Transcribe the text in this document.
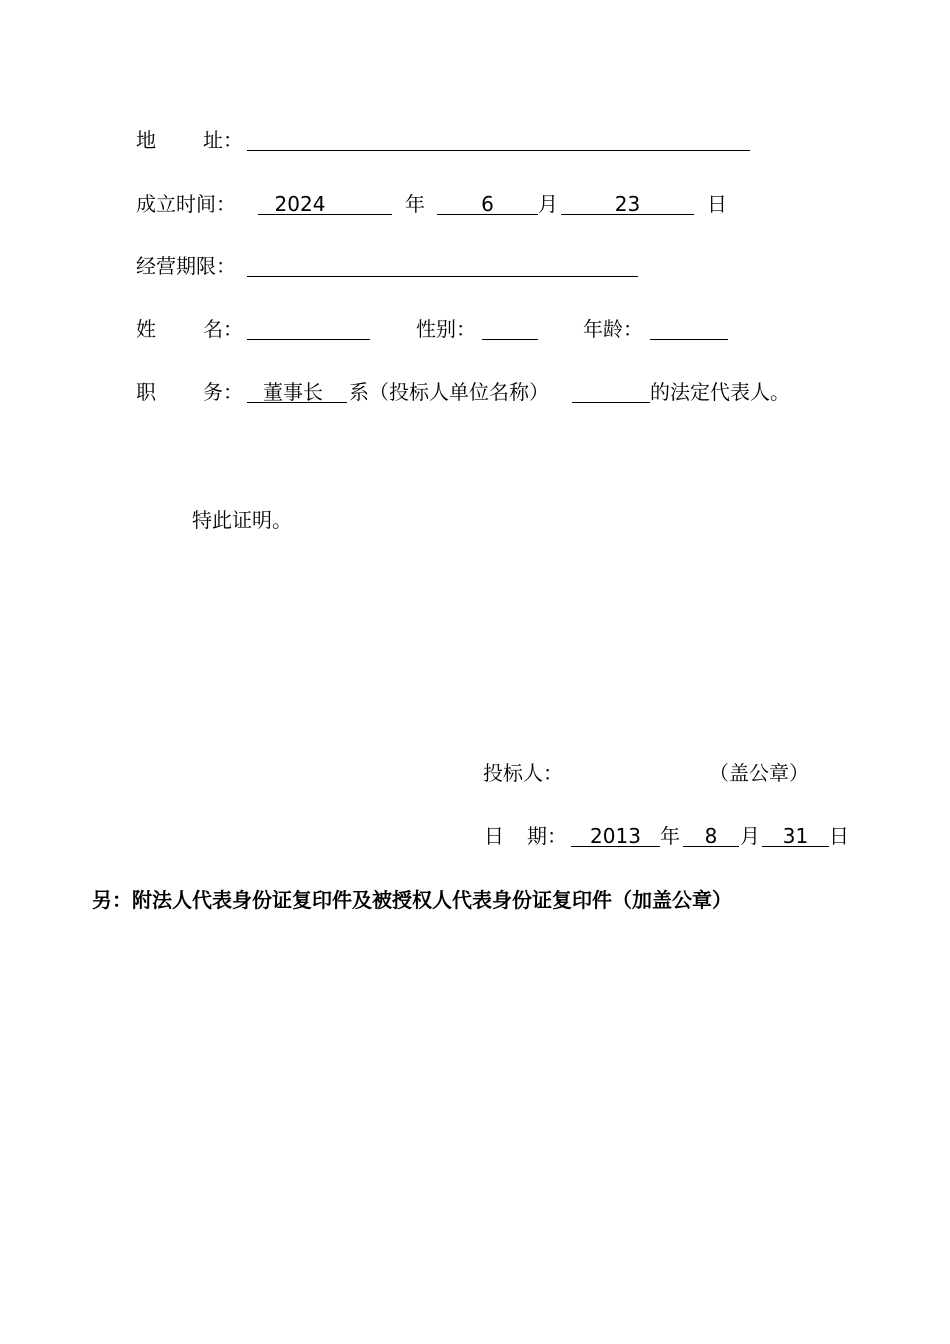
地 址：
成立时间：	2024	年	6	月	23	日
经营期限：
姓 名：	性别：	年龄：
职 务：	董事长	系（投标人单位名称）	的法定代表人。
特此证明。
投标人：	（盖公章）
日 期：	2013 年	8	月	31	日
另：附法人代表身份证复印件及被授权人代表身份证复印件（加盖公章）
